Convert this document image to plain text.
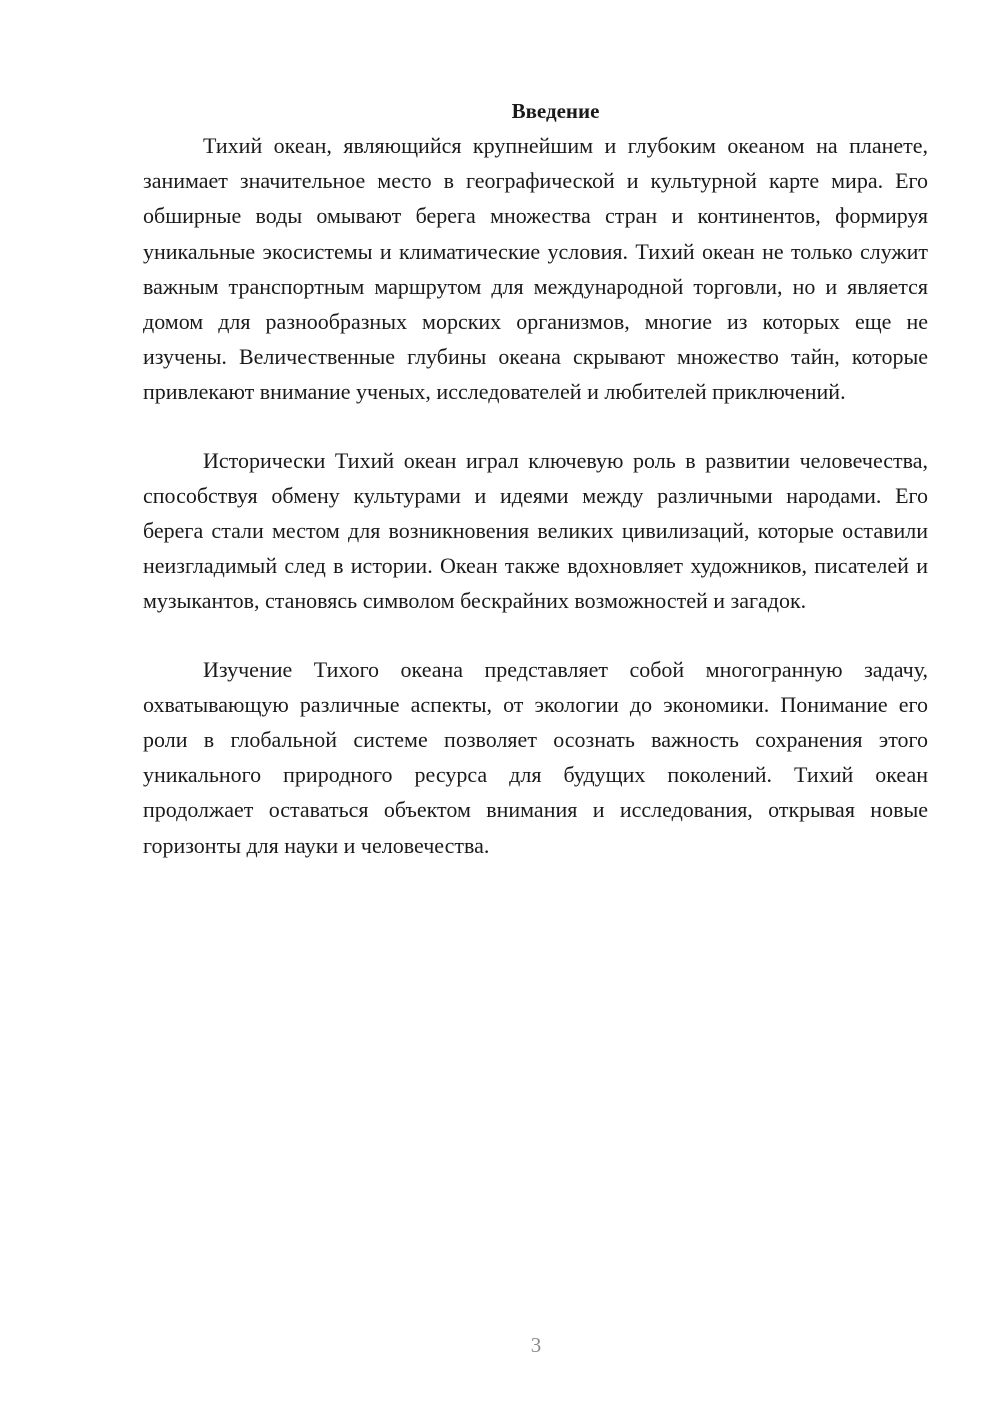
Введение

Тихий океан, являющийся крупнейшим и глубоким океаном на планете, занимает значительное место в географической и культурной карте мира. Его обширные воды омывают берега множества стран и континентов, формируя уникальные экосистемы и климатические условия. Тихий океан не только служит важным транспортным маршрутом для международной торговли, но и является домом для разнообразных морских организмов, многие из которых еще не изучены. Величественные глубины океана скрывают множество тайн, которые привлекают внимание ученых, исследователей и любителей приключений.

Исторически Тихий океан играл ключевую роль в развитии человечества, способствуя обмену культурами и идеями между различными народами. Его берега стали местом для возникновения великих цивилизаций, которые оставили неизгладимый след в истории. Океан также вдохновляет художников, писателей и музыкантов, становясь символом бескрайних возможностей и загадок.

Изучение Тихого океана представляет собой многогранную задачу, охватывающую различные аспекты, от экологии до экономики. Понимание его роли в глобальной системе позволяет осознать важность сохранения этого уникального природного ресурса для будущих поколений. Тихий океан продолжает оставаться объектом внимания и исследования, открывая новые горизонты для науки и человечества.

3
